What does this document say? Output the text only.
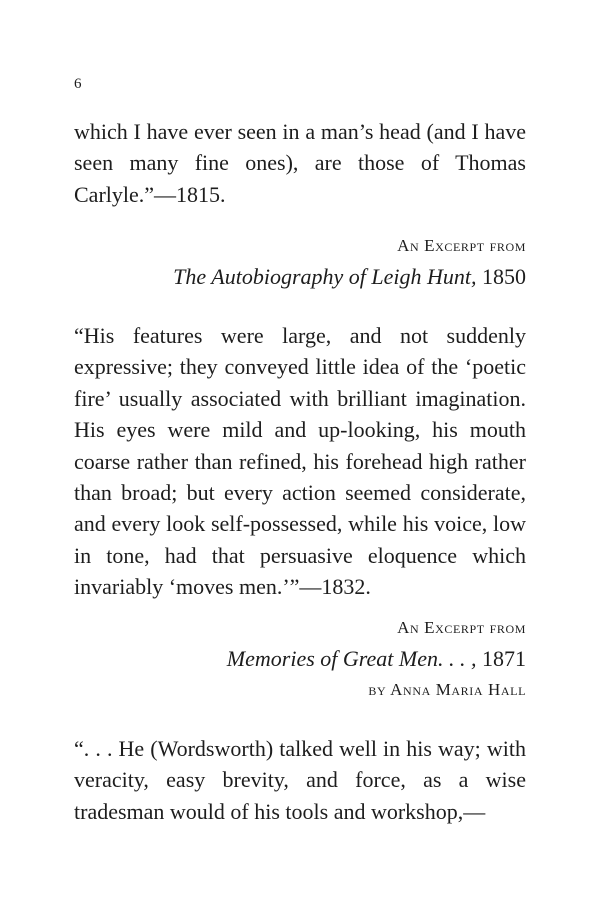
6

which I have ever seen in a man’s head (and I have seen many fine ones), are those of Thomas Carlyle.”—1815.

An Excerpt from
The Autobiography of Leigh Hunt, 1850

“His features were large, and not suddenly expressive; they conveyed little idea of the ‘poetic fire’ usually associated with brilliant imagination. His eyes were mild and up-looking, his mouth coarse rather than refined, his forehead high rather than broad; but every action seemed considerate, and every look self-possessed, while his voice, low in tone, had that persuasive eloquence which invariably ‘moves men.’”—1832.

An Excerpt from
Memories of Great Men. . . , 1871
by Anna Maria Hall

“. . . He (Wordsworth) talked well in his way; with veracity, easy brevity, and force, as a wise tradesman would of his tools and workshop,—
